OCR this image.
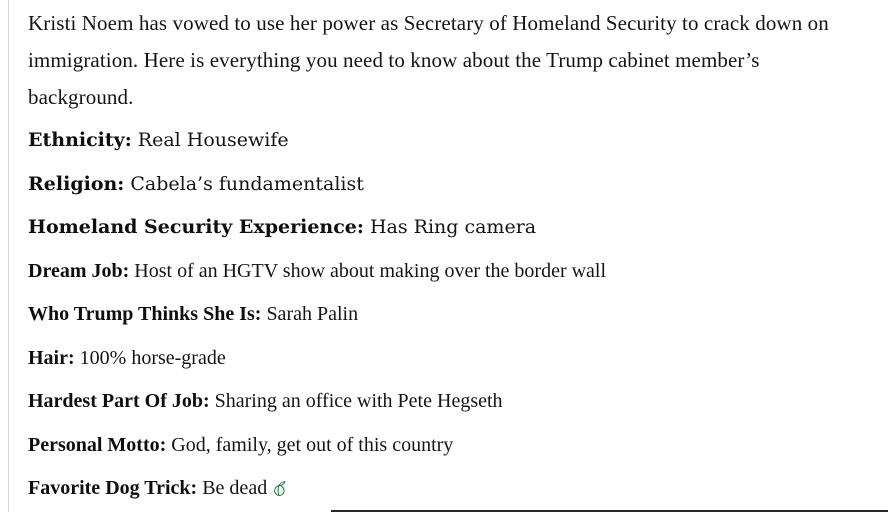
Kristi Noem has vowed to use her power as Secretary of Homeland Security to crack down on immigration. Here is everything you need to know about the Trump cabinet member’s background.

Ethnicity: Real Housewife

Religion: Cabela’s fundamentalist

Homeland Security Experience: Has Ring camera

Dream Job: Host of an HGTV show about making over the border wall

Who Trump Thinks She Is: Sarah Palin

Hair: 100% horse-grade

Hardest Part Of Job: Sharing an office with Pete Hegseth

Personal Motto: God, family, get out of this country

Favorite Dog Trick: Be dead
